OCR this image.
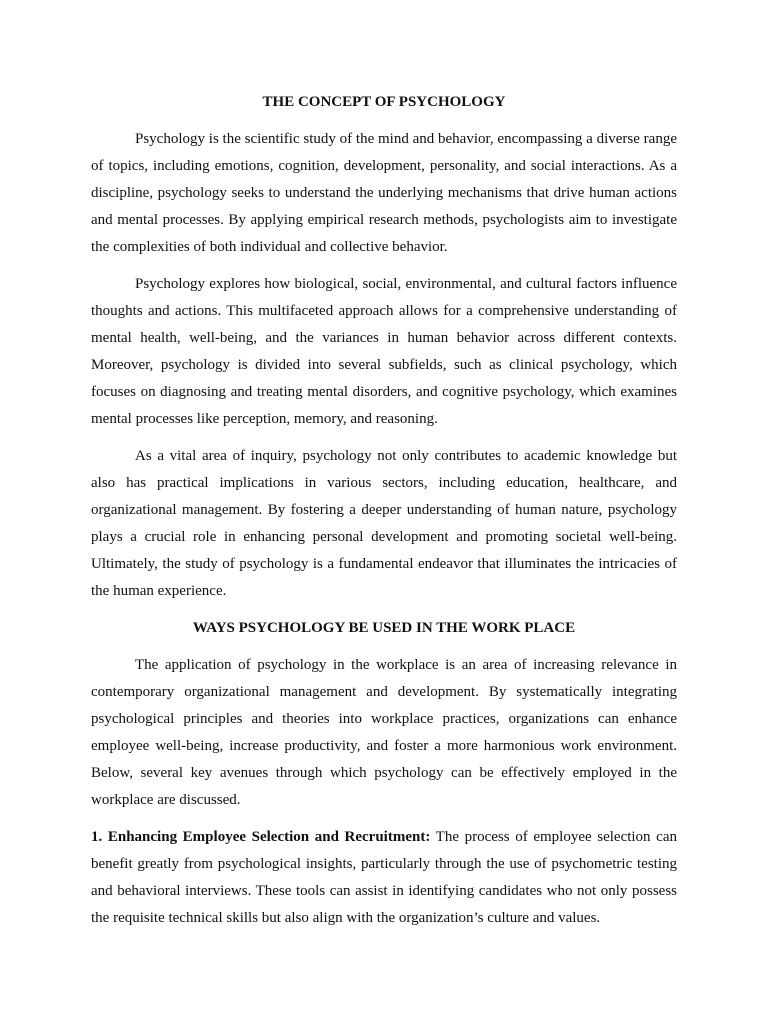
THE CONCEPT OF PSYCHOLOGY

Psychology is the scientific study of the mind and behavior, encompassing a diverse range of topics, including emotions, cognition, development, personality, and social interactions. As a discipline, psychology seeks to understand the underlying mechanisms that drive human actions and mental processes. By applying empirical research methods, psychologists aim to investigate the complexities of both individual and collective behavior.

Psychology explores how biological, social, environmental, and cultural factors influence thoughts and actions. This multifaceted approach allows for a comprehensive understanding of mental health, well-being, and the variances in human behavior across different contexts. Moreover, psychology is divided into several subfields, such as clinical psychology, which focuses on diagnosing and treating mental disorders, and cognitive psychology, which examines mental processes like perception, memory, and reasoning.

As a vital area of inquiry, psychology not only contributes to academic knowledge but also has practical implications in various sectors, including education, healthcare, and organizational management. By fostering a deeper understanding of human nature, psychology plays a crucial role in enhancing personal development and promoting societal well-being. Ultimately, the study of psychology is a fundamental endeavor that illuminates the intricacies of the human experience.

WAYS PSYCHOLOGY BE USED IN THE WORK PLACE

The application of psychology in the workplace is an area of increasing relevance in contemporary organizational management and development. By systematically integrating psychological principles and theories into workplace practices, organizations can enhance employee well-being, increase productivity, and foster a more harmonious work environment. Below, several key avenues through which psychology can be effectively employed in the workplace are discussed.

1. Enhancing Employee Selection and Recruitment: The process of employee selection can benefit greatly from psychological insights, particularly through the use of psychometric testing and behavioral interviews. These tools can assist in identifying candidates who not only possess the requisite technical skills but also align with the organization’s culture and values.
